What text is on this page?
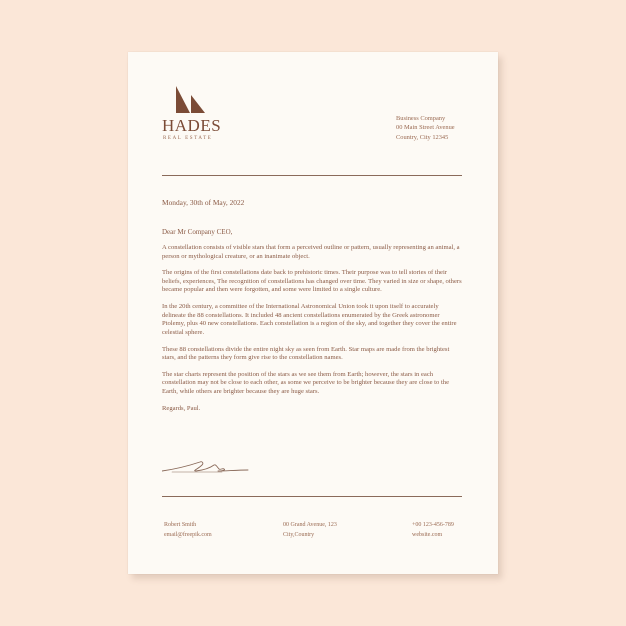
HADES
REAL ESTATE
Business Company
00 Main Street Avenue
Country, City 12345
Monday, 30th of May, 2022

Dear Mr Company CEO,

A constellation consists of visible stars that form a perceived outline or pattern, usually representing an animal, a person or mythological creature, or an inanimate object.

The origins of the first constellations date back to prehistoric times. Their purpose was to tell stories of their beliefs, experiences, The recognition of constellations has changed over time. They varied in size or shape, others became popular and then were forgotten, and some were limited to a single culture.

In the 20th century, a committee of the International Astronomical Union took it upon itself to accurately delineate the 88 constellations. It included 48 ancient constellations enumerated by the Greek astronomer Ptolemy, plus 40 new constellations. Each constellation is a region of the sky, and together they cover the entire celestial sphere.

These 88 constellations divide the entire night sky as seen from Earth. Star maps are made from the brightest stars, and the patterns they form give rise to the constellation names.

The star charts represent the position of the stars as we see them from Earth; however, the stars in each constellation may not be close to each other, as some we perceive to be brighter because they are close to the Earth, while others are brighter because they are huge stars.

Regards, Paul.

Robert Smith
email@freepik.com
00 Grand Avenue, 123
City,Country
+00 123-456-789
website.com
